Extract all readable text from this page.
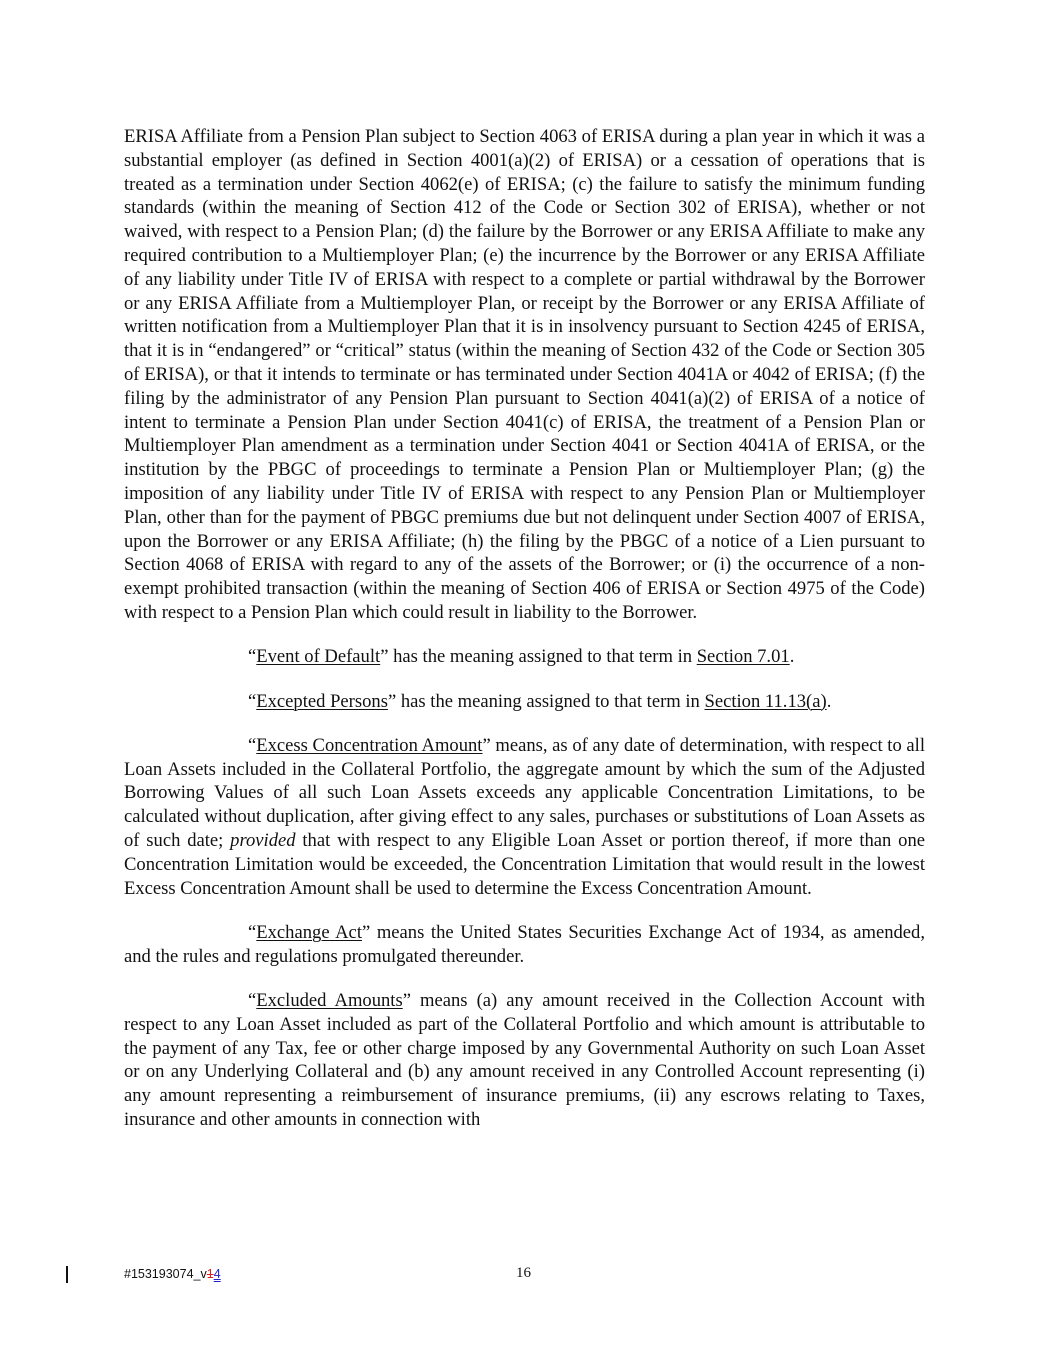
ERISA Affiliate from a Pension Plan subject to Section 4063 of ERISA during a plan year in which it was a substantial employer (as defined in Section 4001(a)(2) of ERISA) or a cessation of operations that is treated as a termination under Section 4062(e) of ERISA; (c) the failure to satisfy the minimum funding standards (within the meaning of Section 412 of the Code or Section 302 of ERISA), whether or not waived, with respect to a Pension Plan; (d) the failure by the Borrower or any ERISA Affiliate to make any required contribution to a Multiemployer Plan; (e) the incurrence by the Borrower or any ERISA Affiliate of any liability under Title IV of ERISA with respect to a complete or partial withdrawal by the Borrower or any ERISA Affiliate from a Multiemployer Plan, or receipt by the Borrower or any ERISA Affiliate of written notification from a Multiemployer Plan that it is in insolvency pursuant to Section 4245 of ERISA, that it is in “endangered” or “critical” status (within the meaning of Section 432 of the Code or Section 305 of ERISA), or that it intends to terminate or has terminated under Section 4041A or 4042 of ERISA; (f) the filing by the administrator of any Pension Plan pursuant to Section 4041(a)(2) of ERISA of a notice of intent to terminate a Pension Plan under Section 4041(c) of ERISA, the treatment of a Pension Plan or Multiemployer Plan amendment as a termination under Section 4041 or Section 4041A of ERISA, or the institution by the PBGC of proceedings to terminate a Pension Plan or Multiemployer Plan; (g) the imposition of any liability under Title IV of ERISA with respect to any Pension Plan or Multiemployer Plan, other than for the payment of PBGC premiums due but not delinquent under Section 4007 of ERISA, upon the Borrower or any ERISA Affiliate; (h) the filing by the PBGC of a notice of a Lien pursuant to Section 4068 of ERISA with regard to any of the assets of the Borrower; or (i) the occurrence of a non-exempt prohibited transaction (within the meaning of Section 406 of ERISA or Section 4975 of the Code) with respect to a Pension Plan which could result in liability to the Borrower.

“Event of Default” has the meaning assigned to that term in Section 7.01.

“Excepted Persons” has the meaning assigned to that term in Section 11.13(a).

“Excess Concentration Amount” means, as of any date of determination, with respect to all Loan Assets included in the Collateral Portfolio, the aggregate amount by which the sum of the Adjusted Borrowing Values of all such Loan Assets exceeds any applicable Concentration Limitations, to be calculated without duplication, after giving effect to any sales, purchases or substitutions of Loan Assets as of such date; provided that with respect to any Eligible Loan Asset or portion thereof, if more than one Concentration Limitation would be exceeded, the Concentration Limitation that would result in the lowest Excess Concentration Amount shall be used to determine the Excess Concentration Amount.

“Exchange Act” means the United States Securities Exchange Act of 1934, as amended, and the rules and regulations promulgated thereunder.

“Excluded Amounts” means (a) any amount received in the Collection Account with respect to any Loan Asset included as part of the Collateral Portfolio and which amount is attributable to the payment of any Tax, fee or other charge imposed by any Governmental Authority on such Loan Asset or on any Underlying Collateral and (b) any amount received in any Controlled Account representing (i) any amount representing a reimbursement of insurance premiums, (ii) any escrows relating to Taxes, insurance and other amounts in connection with

#153193074_v14	16
